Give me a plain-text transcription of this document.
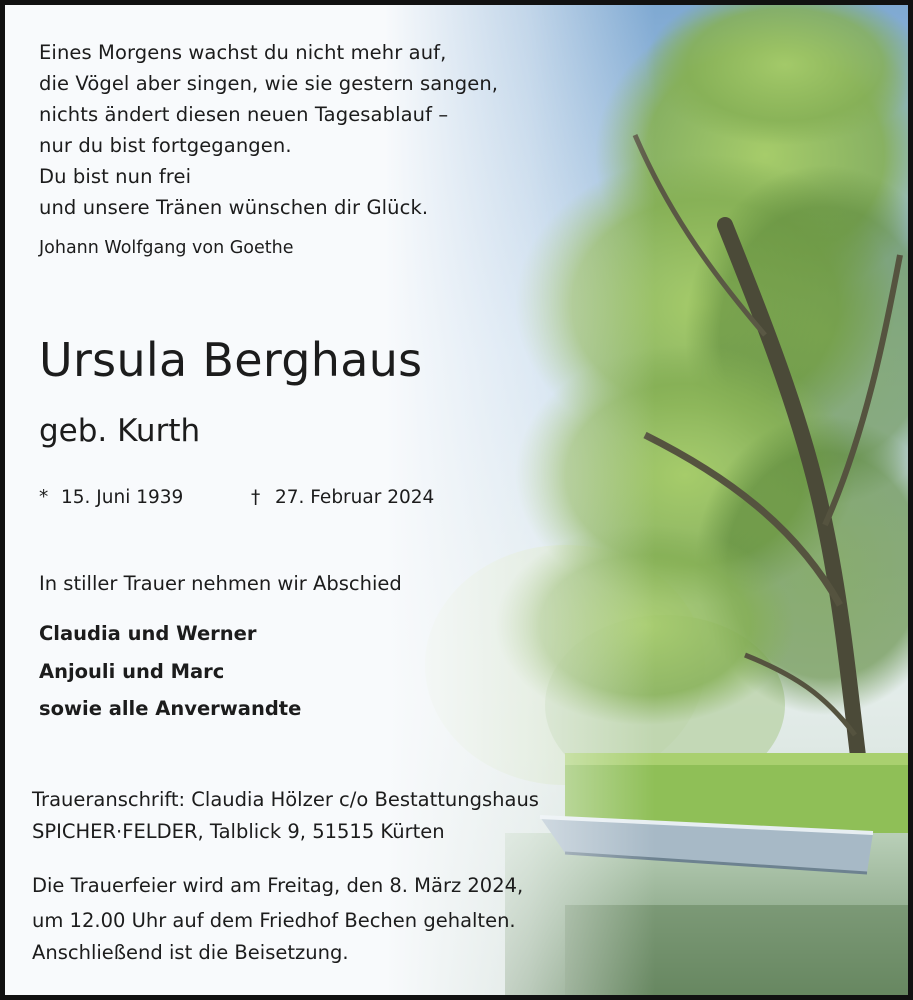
Eines Morgens wachst du nicht mehr auf,
die Vögel aber singen, wie sie gestern sangen,
nichts ändert diesen neuen Tagesablauf –
nur du bist fortgegangen.
Du bist nun frei
und unsere Tränen wünschen dir Glück.
Johann Wolfgang von Goethe
Ursula Berghaus
geb. Kurth
* 15. Juni 1939	† 27. Februar 2024
In stiller Trauer nehmen wir Abschied
Claudia und Werner
Anjouli und Marc
sowie alle Anverwandte
Traueranschrift: Claudia Hölzer c/o Bestattungshaus
SPICHER·FELDER, Talblick 9, 51515 Kürten
Die Trauerfeier wird am Freitag, den 8. März 2024,
um 12.00 Uhr auf dem Friedhof Bechen gehalten.
Anschließend ist die Beisetzung.
